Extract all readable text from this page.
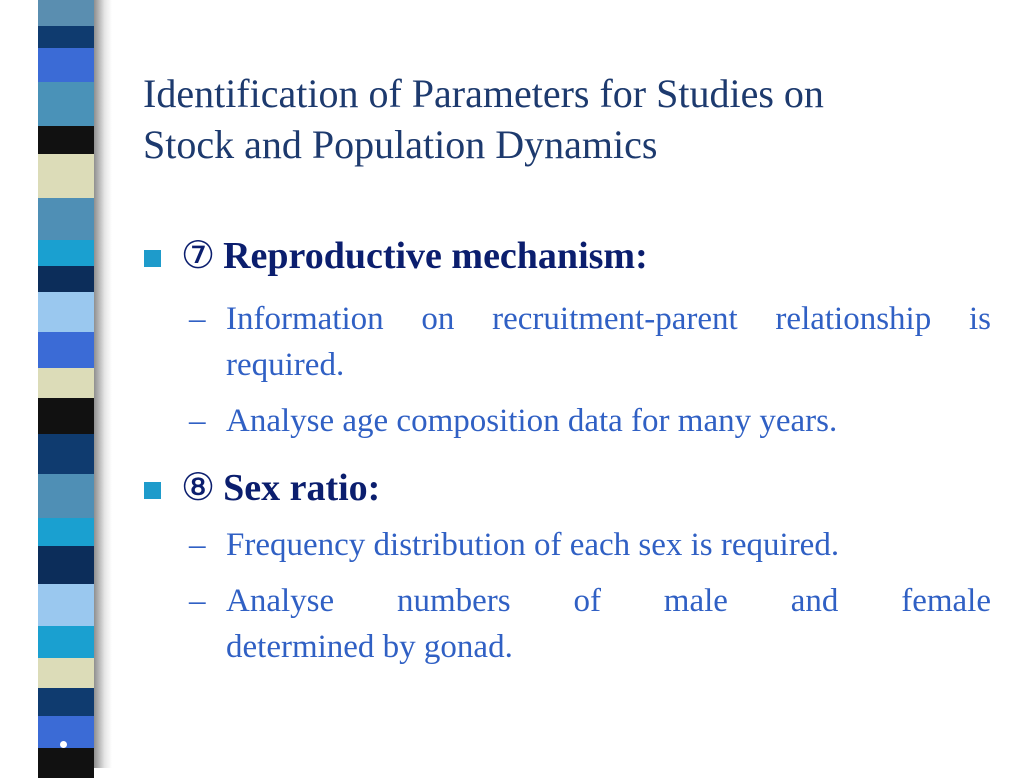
Identification of Parameters for Studies on
Stock and Population Dynamics
⑦ Reproductive mechanism:
– Information on recruitment-parent relationship is required.
– Analyse age composition data for many years.
⑧ Sex ratio:
– Frequency distribution of each sex is required.
– Analyse numbers of male and female
determined by gonad.
